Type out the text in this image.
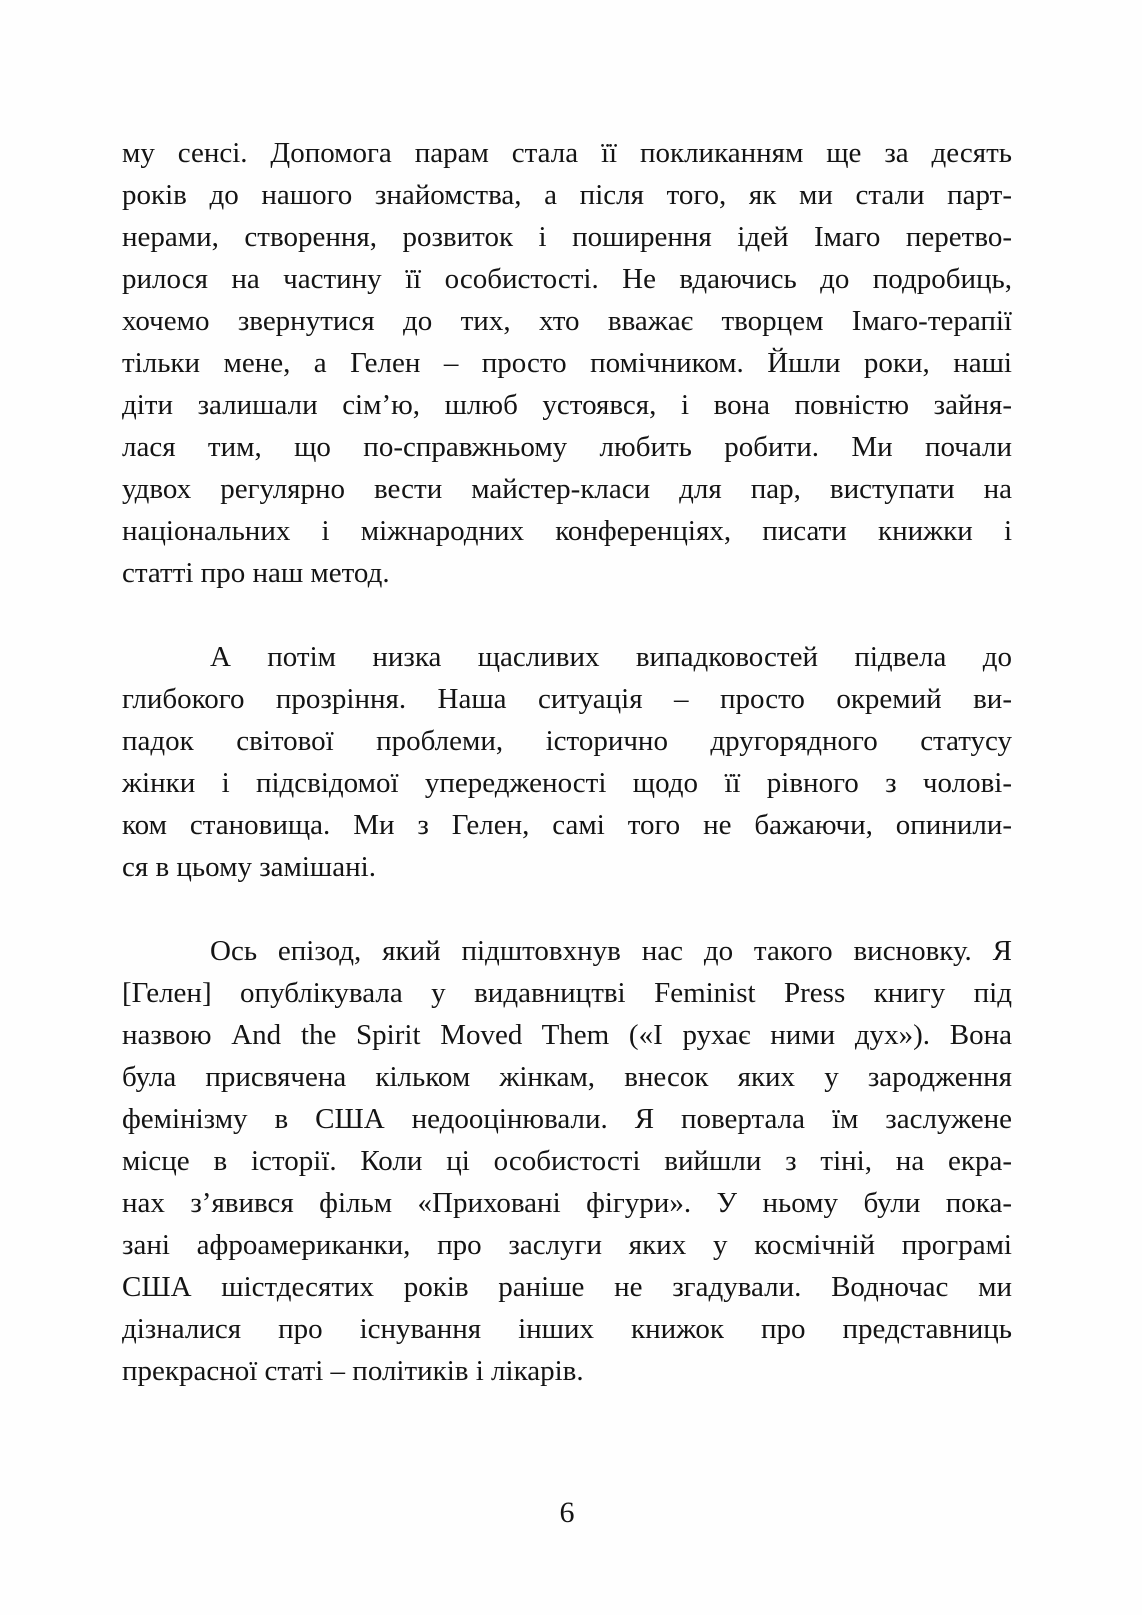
му сенсі. Допомога парам стала її покликанням ще за десять
років до нашого знайомства, а після того, як ми стали парт-
нерами, створення, розвиток і поширення ідей Імаго перетво-
рилося на частину її особистості. Не вдаючись до подробиць,
хочемо звернутися до тих, хто вважає творцем Імаго-терапії
тільки мене, а Гелен – просто помічником. Йшли роки, наші
діти залишали сім’ю, шлюб устоявся, і вона повністю зайня-
лася тим, що по-справжньому любить робити. Ми почали
удвох регулярно вести майстер-класи для пар, виступати на
національних і міжнародних конференціях, писати книжки і
статті про наш метод.
А потім низка щасливих випадковостей підвела до
глибокого прозріння. Наша ситуація – просто окремий ви-
падок світової проблеми, історично другорядного статусу
жінки і підсвідомої упередженості щодо її рівного з чолові-
ком становища. Ми з Гелен, самі того не бажаючи, опинили-
ся в цьому замішані.
Ось епізод, який підштовхнув нас до такого висновку. Я
[Гелен] опублікувала у видавництві Feminist Press книгу під
назвою And the Spirit Moved Them («І рухає ними дух»). Вона
була присвячена кільком жінкам, внесок яких у зародження
фемінізму в США недооцінювали. Я повертала їм заслужене
місце в історії. Коли ці особистості вийшли з тіні, на екра-
нах з’явився фільм «Приховані фігури». У ньому були пока-
зані афроамериканки, про заслуги яких у космічній програмі
США шістдесятих років раніше не згадували. Водночас ми
дізналися про існування інших книжок про представниць
прекрасної статі – політиків і лікарів.
6
